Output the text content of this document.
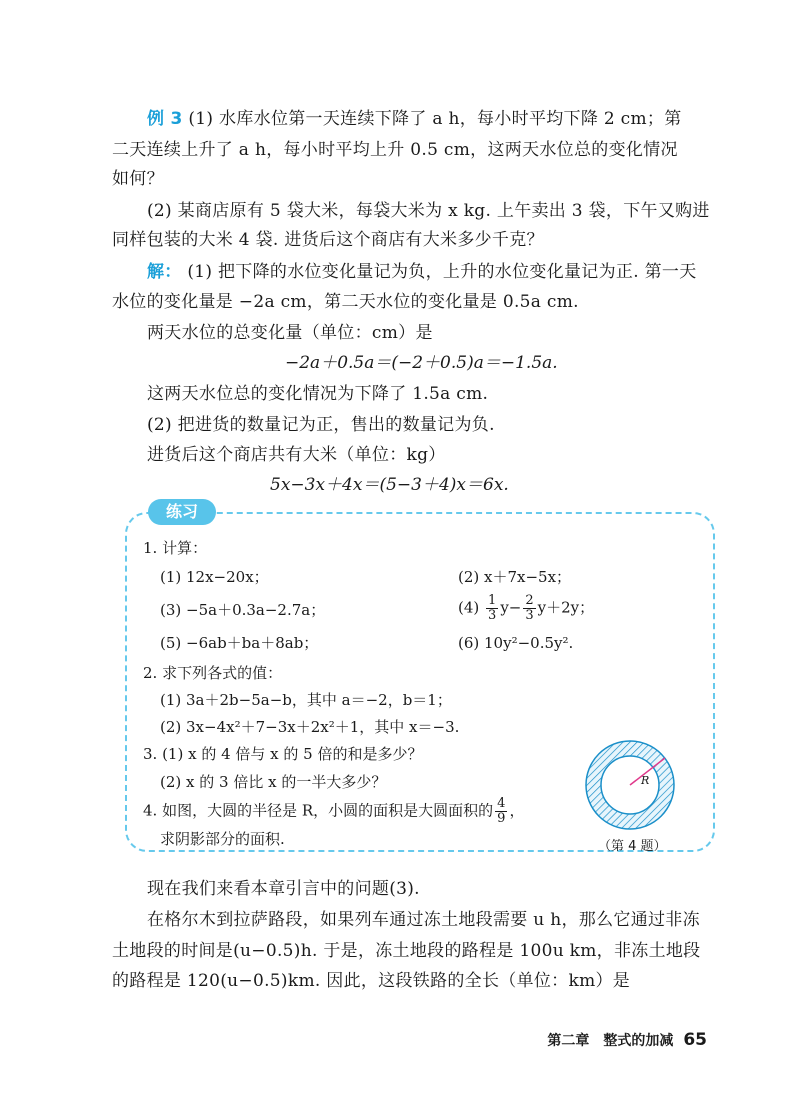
例 3 (1) 水库水位第一天连续下降了 a h，每小时平均下降 2 cm；第
二天连续上升了 a h，每小时平均上升 0.5 cm，这两天水位总的变化情况
如何？
(2) 某商店原有 5 袋大米，每袋大米为 x kg. 上午卖出 3 袋，下午又购进
同样包装的大米 4 袋. 进货后这个商店有大米多少千克？
解： (1) 把下降的水位变化量记为负，上升的水位变化量记为正. 第一天
水位的变化量是 −2a cm，第二天水位的变化量是 0.5a cm.
两天水位的总变化量（单位：cm）是
−2a＋0.5a＝(−2＋0.5)a＝−1.5a.
这两天水位总的变化情况为下降了 1.5a cm.
(2) 把进货的数量记为正，售出的数量记为负.
进货后这个商店共有大米（单位：kg）
5x−3x＋4x＝(5−3＋4)x＝6x.
练习
1. 计算：
(1) 12x−20x；	(2) x＋7x−5x；
(3) −5a＋0.3a−2.7a；	$(4) \frac{1}{3} y- \frac{2}{3} y+2y$；
(5) −6ab＋ba＋8ab；	(6) 10y²−0.5y².
2. 求下列各式的值：
(1) 3a＋2b−5a−b，其中 a＝−2，b＝1；
(2) 3x−4x²＋7−3x＋2x²＋1，其中 x＝−3.
3. (1) x 的 4 倍与 x 的 5 倍的和是多少？
(2) x 的 3 倍比 x 的一半大多少？
4. 如图，大圆的半径是 R，小圆的面积是大圆面积的 $\frac{4}{9}$ ，
求阴影部分的面积.
R
（第 4 题）
现在我们来看本章引言中的问题(3).
在格尔木到拉萨路段，如果列车通过冻土地段需要 u h，那么它通过非冻
土地段的时间是(u−0.5)h. 于是，冻土地段的路程是 100u km，非冻土地段
的路程是 120(u−0.5)km. 因此，这段铁路的全长（单位：km）是
第二章　整式的加减 65
